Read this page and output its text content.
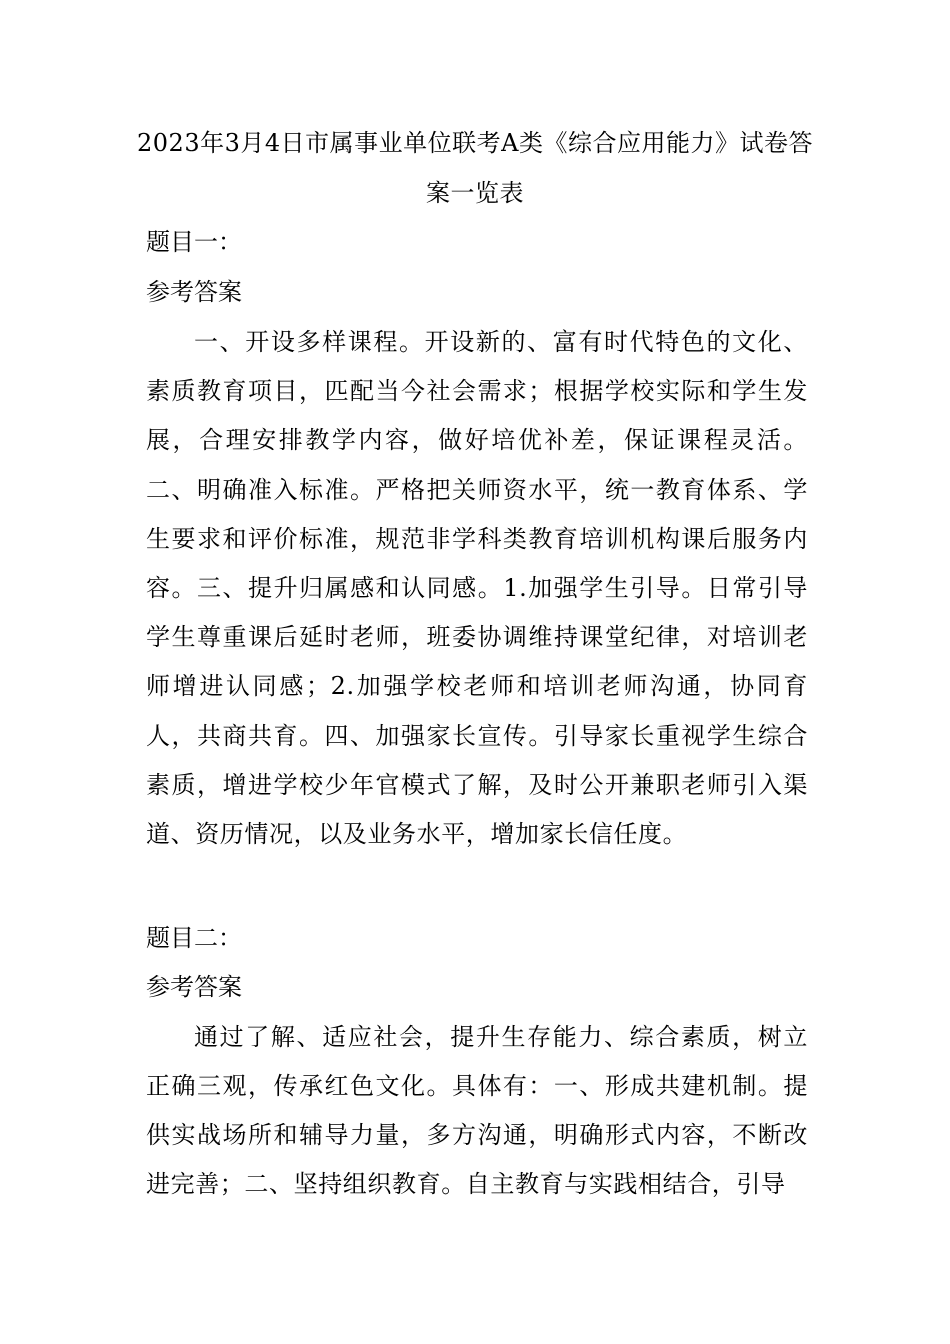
2023年3月4日市属事业单位联考A类《综合应用能力》试卷答案一览表
题目一：
参考答案
一、开设多样课程。开设新的、富有时代特色的文化、素质教育项目，匹配当今社会需求；根据学校实际和学生发展，合理安排教学内容，做好培优补差，保证课程灵活。二、明确准入标准。严格把关师资水平，统一教育体系、学生要求和评价标准，规范非学科类教育培训机构课后服务内容。三、提升归属感和认同感。1.加强学生引导。日常引导学生尊重课后延时老师，班委协调维持课堂纪律，对培训老师增进认同感；2.加强学校老师和培训老师沟通，协同育人，共商共育。四、加强家长宣传。引导家长重视学生综合素质，增进学校少年官模式了解，及时公开兼职老师引入渠道、资历情况，以及业务水平，增加家长信任度。
题目二：
参考答案
通过了解、适应社会，提升生存能力、综合素质，树立正确三观，传承红色文化。具体有：一、形成共建机制。提供实战场所和辅导力量，多方沟通，明确形式内容，不断改进完善；二、坚持组织教育。自主教育与实践相结合，引导
